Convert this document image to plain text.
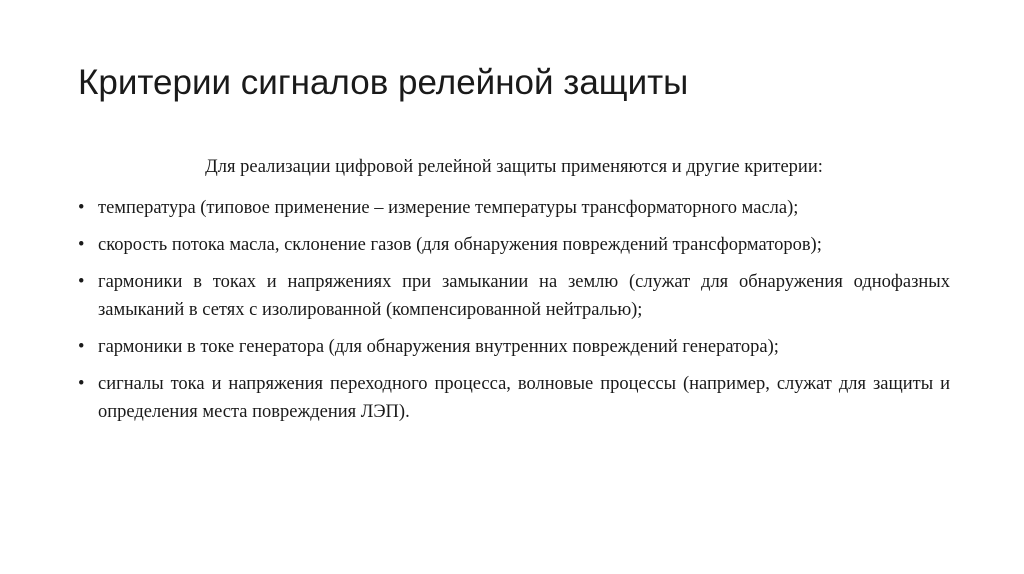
Критерии сигналов релейной защиты

Для реализации цифровой релейной защиты применяются и другие критерии:

• температура (типовое применение – измерение температуры трансформаторного масла);
• скорость потока масла, склонение газов (для обнаружения повреждений трансформаторов);
• гармоники в токах и напряжениях при замыкании на землю (служат для обнаружения однофазных замыканий в сетях с изолированной (компенсированной нейтралью);
• гармоники в токе генератора (для обнаружения внутренних повреждений генератора);
• сигналы тока и напряжения переходного процесса, волновые процессы (например, служат для защиты и определения места повреждения ЛЭП).
